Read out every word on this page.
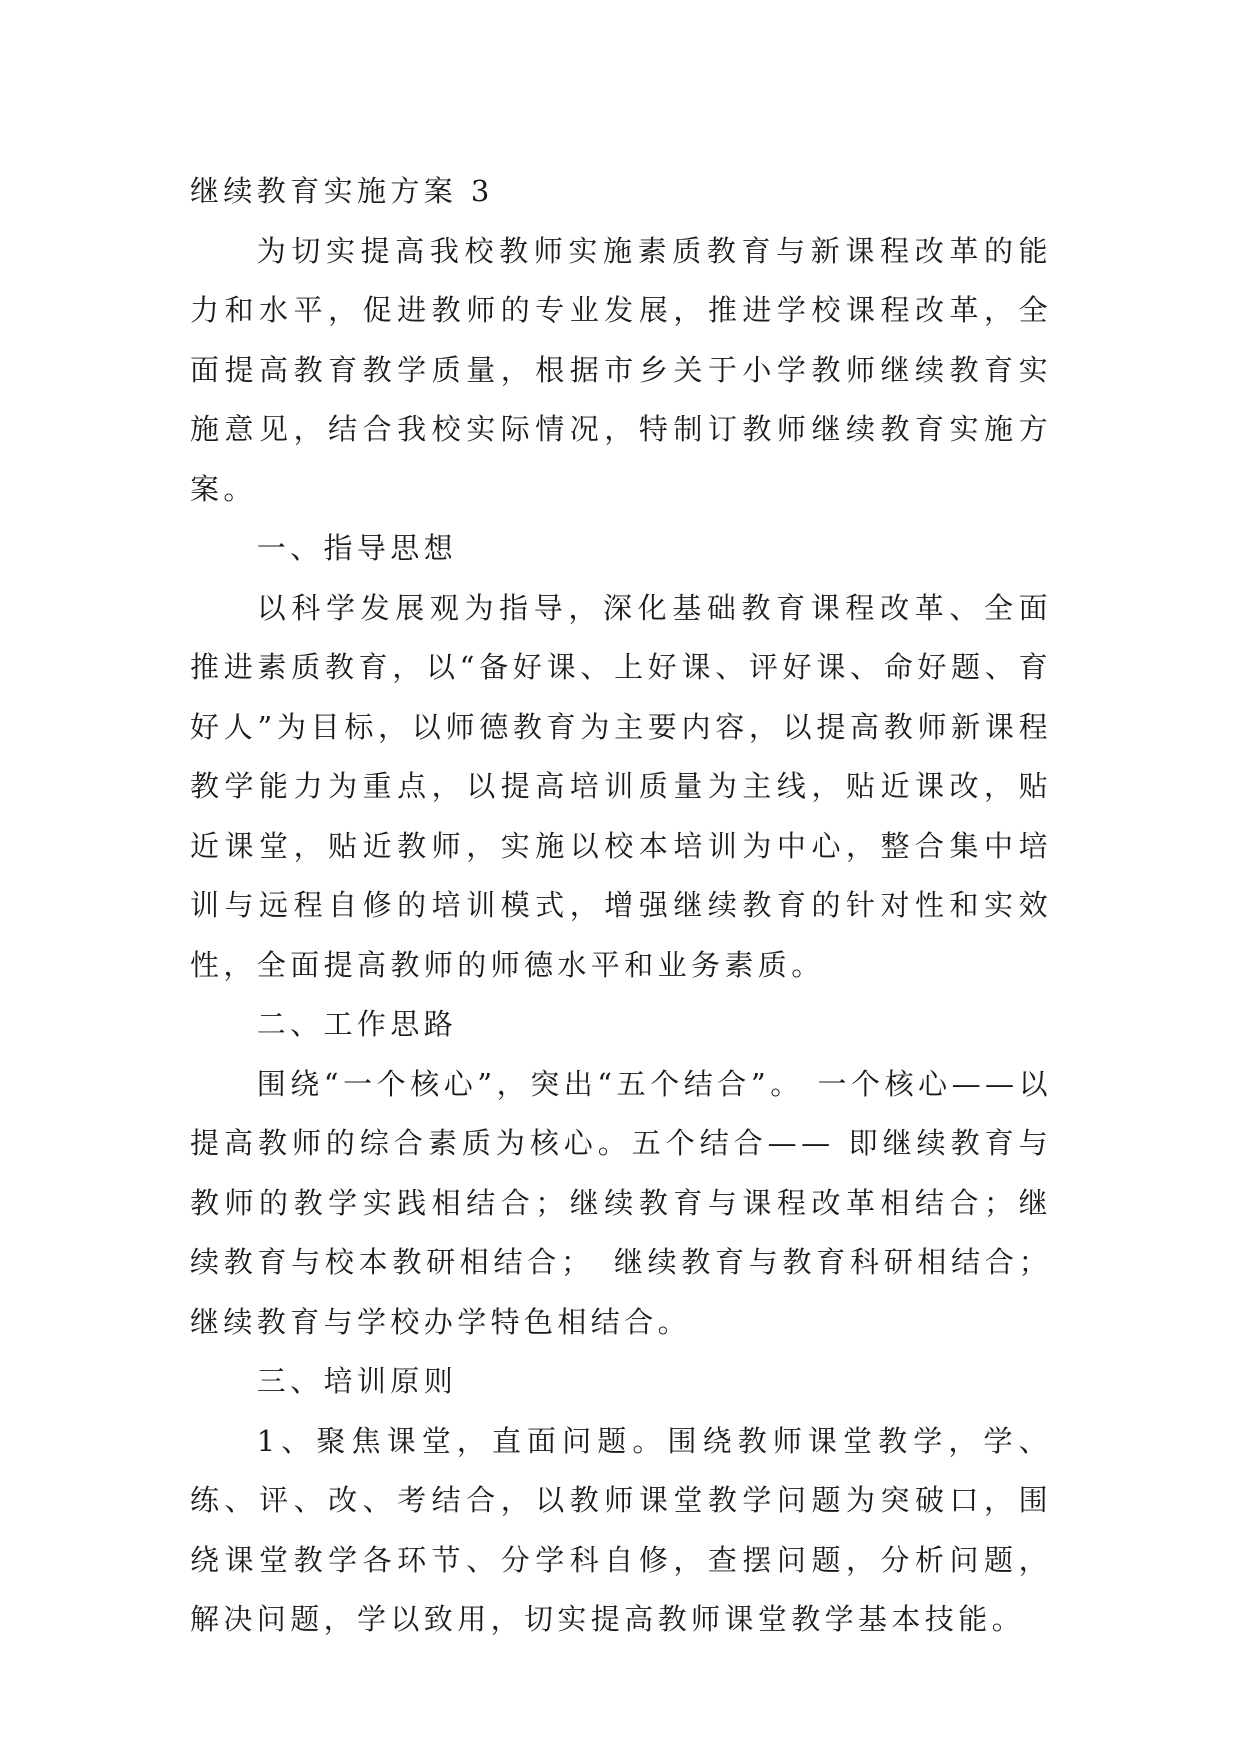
继续教育实施方案 3

为切实提高我校教师实施素质教育与新课程改革的能力和水平，促进教师的专业发展，推进学校课程改革，全面提高教育教学质量，根据市乡关于小学教师继续教育实施意见，结合我校实际情况，特制订教师继续教育实施方案。

一、指导思想

以科学发展观为指导，深化基础教育课程改革、全面推进素质教育，以“备好课、上好课、评好课、命好题、育好人”为目标，以师德教育为主要内容，以提高教师新课程教学能力为重点，以提高培训质量为主线，贴近课改，贴近课堂，贴近教师，实施以校本培训为中心，整合集中培训与远程自修的培训模式，增强继续教育的针对性和实效性，全面提高教师的师德水平和业务素质。

二、工作思路

围绕“一个核心”，突出“五个结合”。 一个核心——以提高教师的综合素质为核心。五个结合—— 即继续教育与教师的教学实践相结合；继续教育与课程改革相结合；继续教育与校本教研相结合；　继续教育与教育科研相结合；继续教育与学校办学特色相结合。

三、培训原则

1、聚焦课堂，直面问题。围绕教师课堂教学，学、练、评、改、考结合，以教师课堂教学问题为突破口，围绕课堂教学各环节、分学科自修，查摆问题，分析问题，解决问题，学以致用，切实提高教师课堂教学基本技能。
